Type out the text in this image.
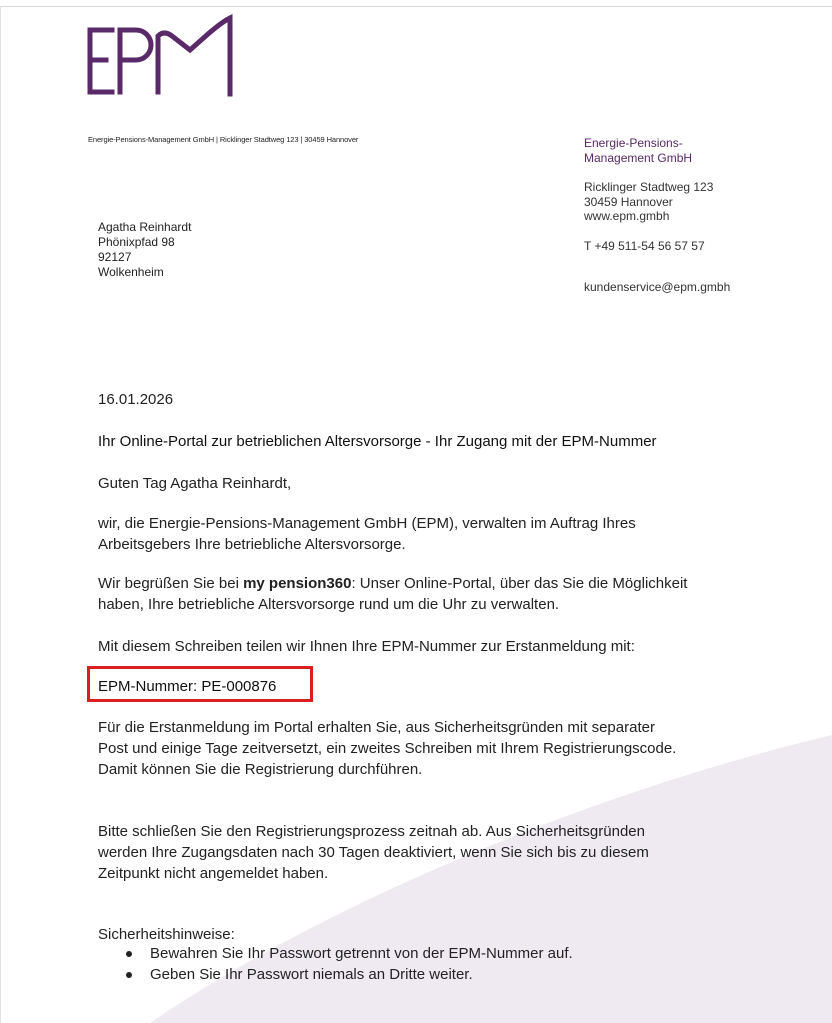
Energie-Pensions-Management GmbH | Ricklinger Stadtweg 123 | 30459 Hannover
Agatha Reinhardt
Phönixpfad 98
92127
Wolkenheim
Energie-Pensions-
Management GmbH
Ricklinger Stadtweg 123
30459 Hannover
www.epm.gmbh
T +49 511-54 56 57 57
kundenservice@epm.gmbh
16.01.2026
Ihr Online-Portal zur betrieblichen Altersvorsorge - Ihr Zugang mit der EPM-Nummer
Guten Tag Agatha Reinhardt,
wir, die Energie-Pensions-Management GmbH (EPM), verwalten im Auftrag Ihres
Arbeitsgebers Ihre betriebliche Altersvorsorge.
Wir begrüßen Sie bei my pension360: Unser Online-Portal, über das Sie die Möglichkeit
haben, Ihre betriebliche Altersvorsorge rund um die Uhr zu verwalten.
Mit diesem Schreiben teilen wir Ihnen Ihre EPM-Nummer zur Erstanmeldung mit:
Für die Erstanmeldung im Portal erhalten Sie, aus Sicherheitsgründen mit separater
Post und einige Tage zeitversetzt, ein zweites Schreiben mit Ihrem Registrierungscode.
Damit können Sie die Registrierung durchführen.
Bitte schließen Sie den Registrierungsprozess zeitnah ab. Aus Sicherheitsgründen
werden Ihre Zugangsdaten nach 30 Tagen deaktiviert, wenn Sie sich bis zu diesem
Zeitpunkt nicht angemeldet haben.
Sicherheitshinweise:
EPM-Nummer: PE-000876
Bewahren Sie Ihr Passwort getrennt von der EPM-Nummer auf.
Geben Sie Ihr Passwort niemals an Dritte weiter.
